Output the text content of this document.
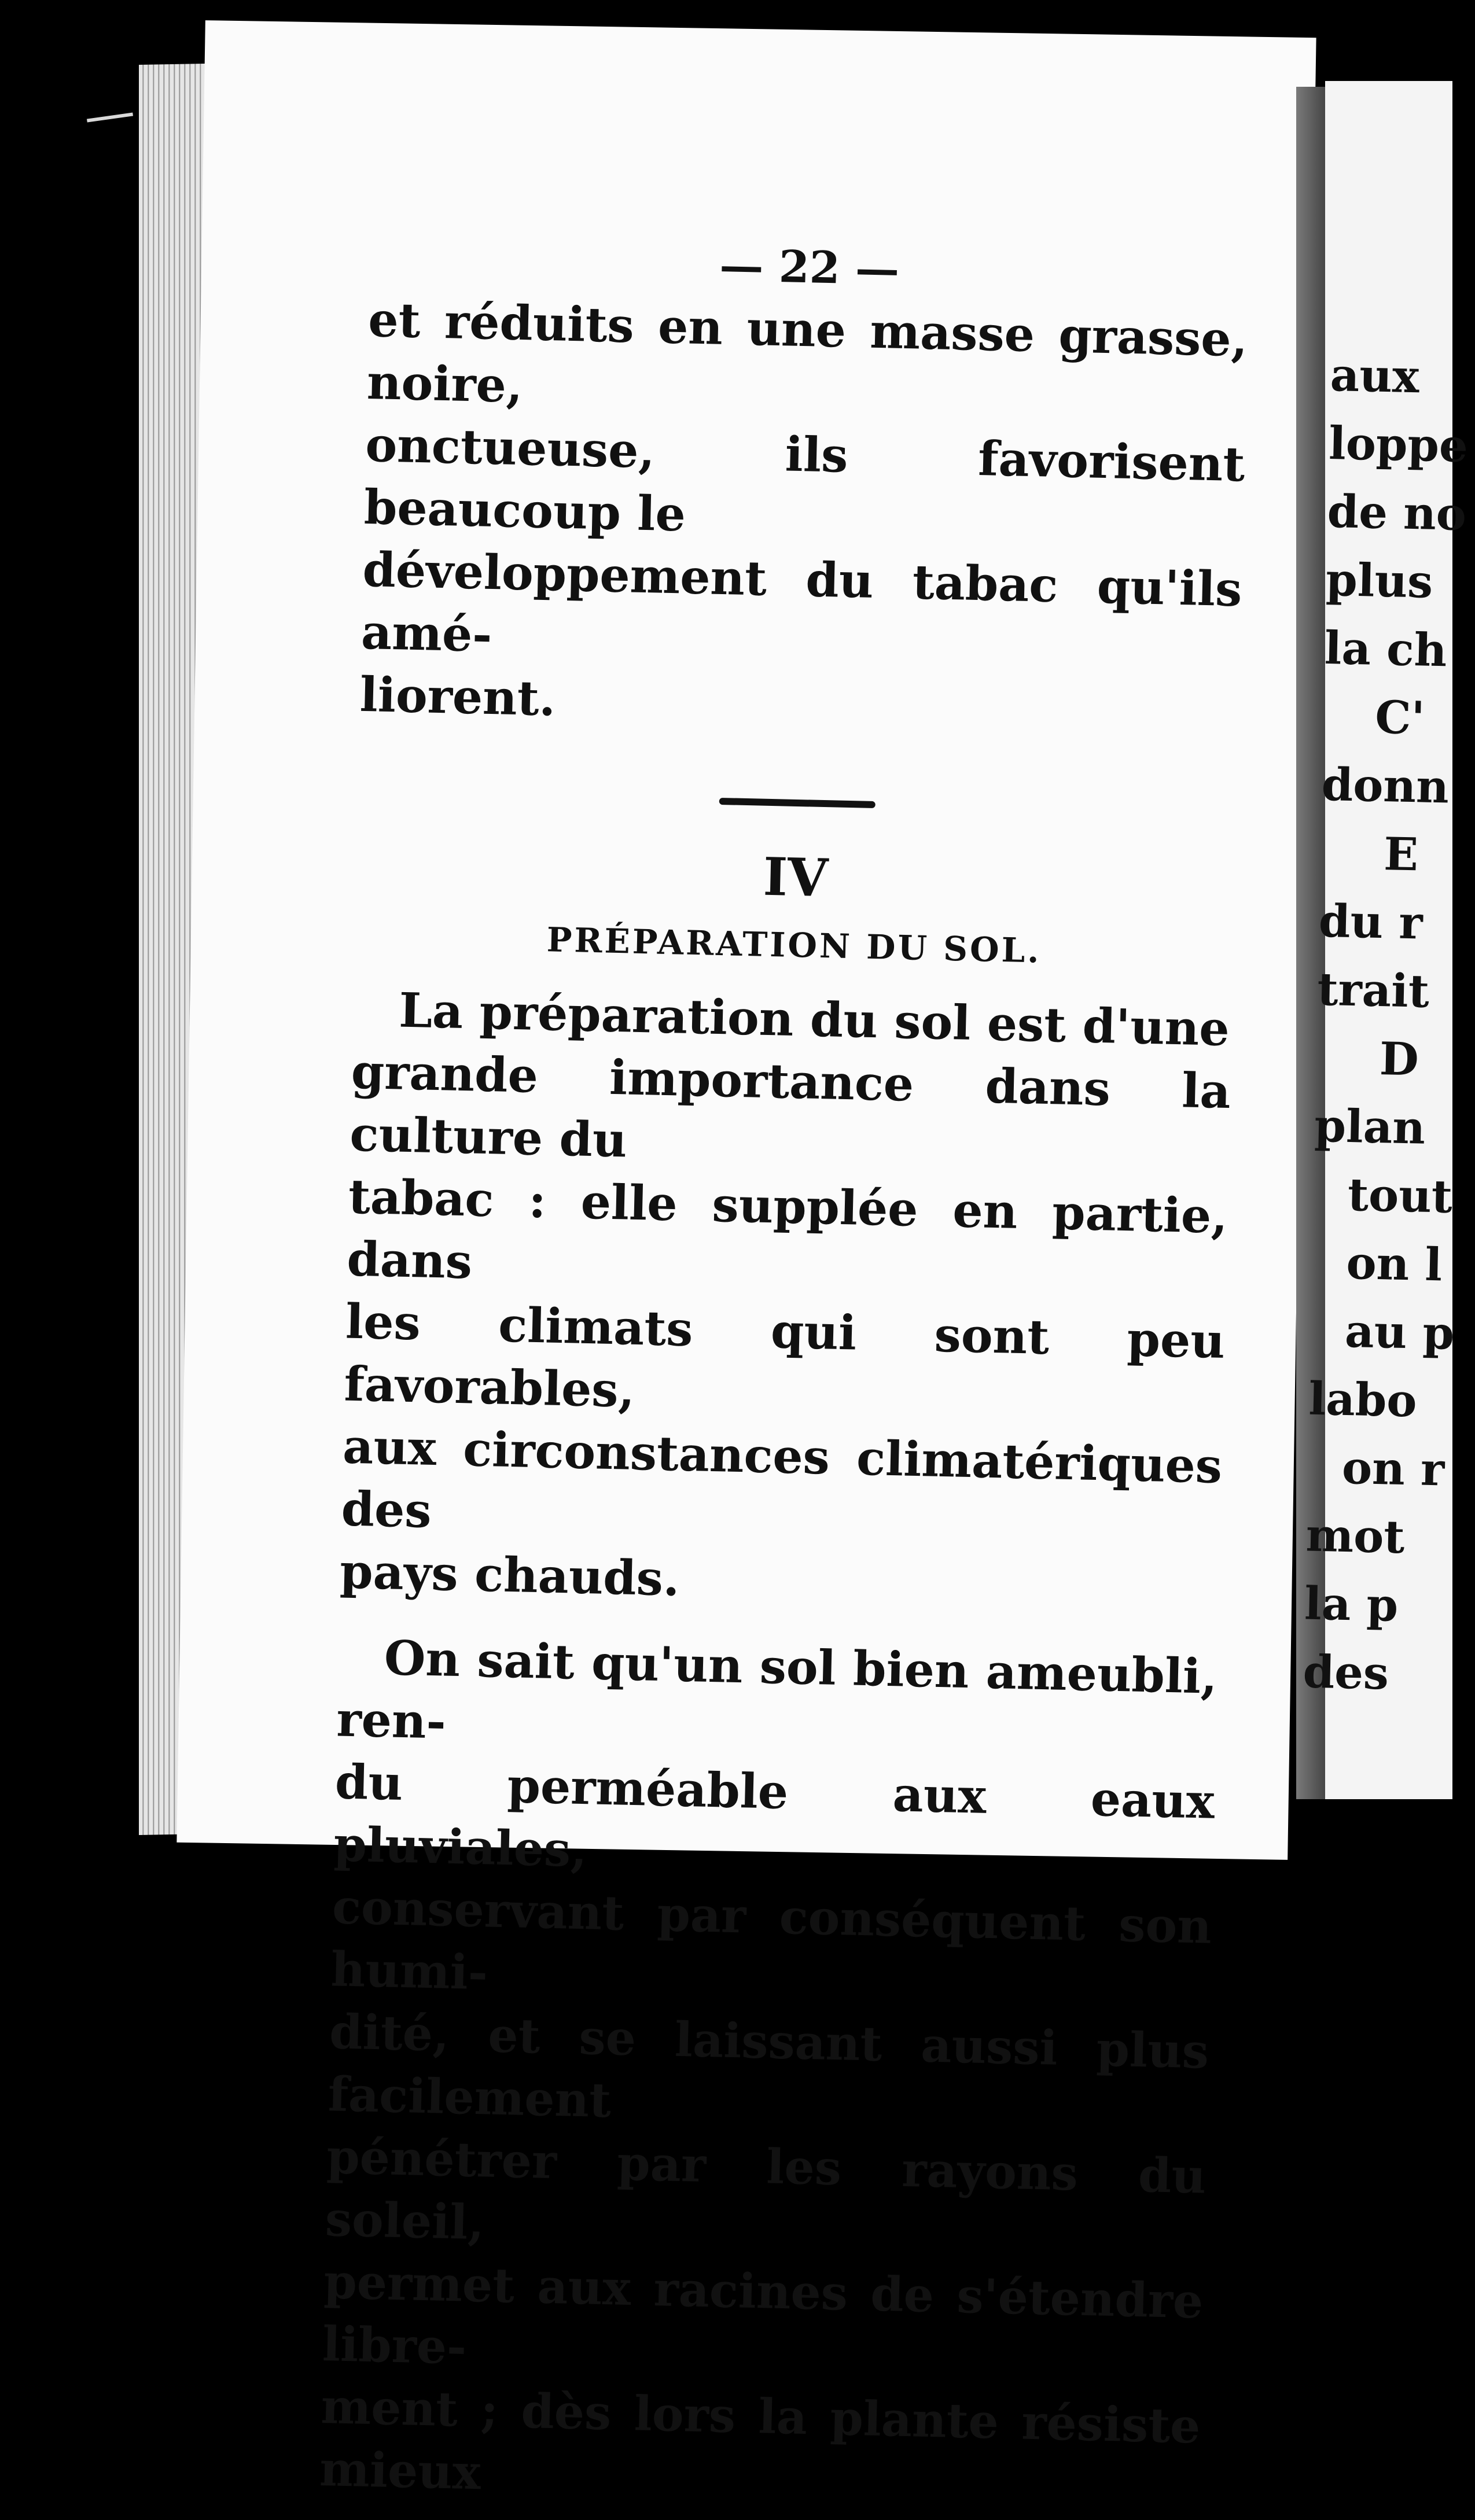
— 22 —

et réduits en une masse grasse, noire,
onctueuse, ils favorisent beaucoup le
développement du tabac qu'ils amé-
liorent.

IV
PRÉPARATION DU SOL.

La préparation du sol est d'une
grande importance dans la culture du
tabac : elle supplée en partie, dans
les climats qui sont peu favorables,
aux circonstances climatériques des
pays chauds.

On sait qu'un sol bien ameubli, ren-
du perméable aux eaux pluviales,
conservant par conséquent son humi-
dité, et se laissant aussi plus facilement
pénétrer par les rayons du soleil,
permet aux racines de s'étendre libre-
ment ; dès lors la plante résiste mieux

aux
loppe
de no
plus
la ch
C'
donn
E
du r
trait
D
plan
tout
on l
au p
labo
on r
mot
la p
des
